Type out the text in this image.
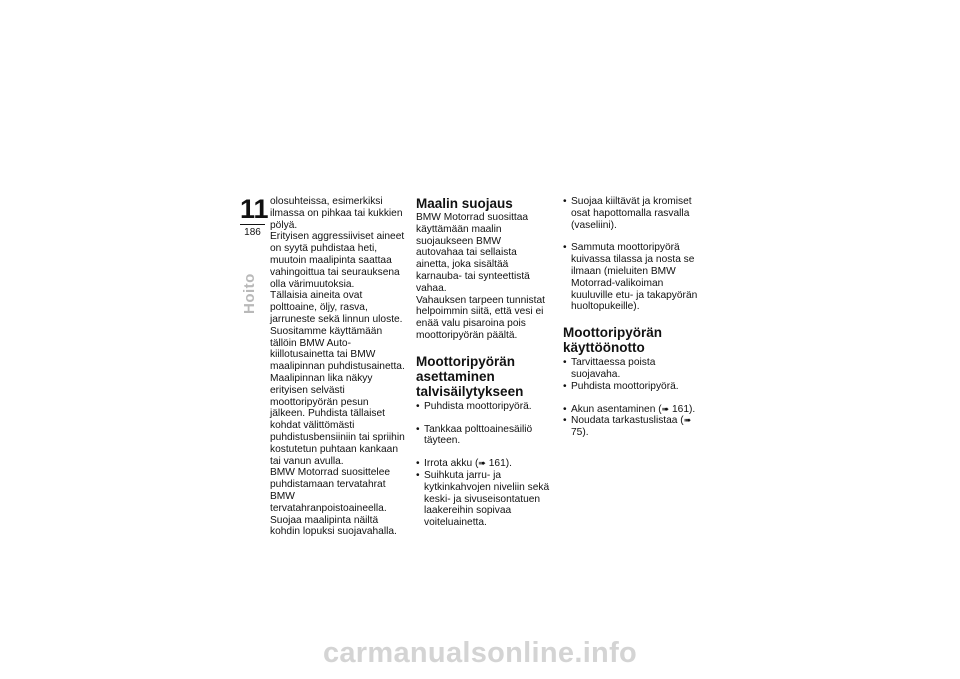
11
186
Hoito

olosuhteissa, esimerkiksi ilmassa on pihkaa tai kukkien pölyä.

Erityisen aggressiiviset aineet on syytä puhdistaa heti, muutoin maalipinta saattaa vahingoittua tai seurauksena olla värimuutoksia.

Tällaisia aineita ovat polttoaine, öljy, rasva, jarruneste sekä linnun uloste. Suositamme käyttämään tällöin BMW Auto-kiillotusainetta tai BMW maalipinnan puhdistusainetta.

Maalipinnan lika näkyy erityisen selvästi moottoripyörän pesun jälkeen. Puhdista tällaiset kohdat välittömästi puhdistusbensiiniin tai spriihin kostutetun puhtaan kankaan tai vanun avulla.

BMW Motorrad suosittelee puhdistamaan tervatahrat BMW tervatahranpoistoaineella. Suojaa maalipinta näiltä kohdin lopuksi suojavahalla.

Maalin suojaus

BMW Motorrad suosittaa käyttämään maalin suojaukseen BMW autovahaa tai sellaista ainetta, joka sisältää karnauba- tai synteettistä vahaa.

Vahauksen tarpeen tunnistat helpoimmin siitä, että vesi ei enää valu pisaroina pois moottoripyörän päältä.

Moottoripyörän asettaminen talvisäilytykseen
• Puhdista moottoripyörä.
• Tankkaa polttoainesäiliö täyteen.
• Irrota akku (➠ 161).
• Suihkuta jarru- ja kytkinkahvojen niveliin sekä keski- ja sivuseisontatuen laakereihin sopivaa voiteluainetta.
• Suojaa kiiltävät ja kromiset osat hapottomalla rasvalla (vaseliini).
• Sammuta moottoripyörä kuivassa tilassa ja nosta se ilmaan (mieluiten BMW Motorrad-valikoiman kuuluville etu- ja takapyörän huoltopukeille).
Moottoripyörän käyttöönotto
• Tarvittaessa poista suojavaha.
• Puhdista moottoripyörä.
• Akun asentaminen (➠ 161).
• Noudata tarkastuslistaa (➠ 75).
carmanualsonline.info
